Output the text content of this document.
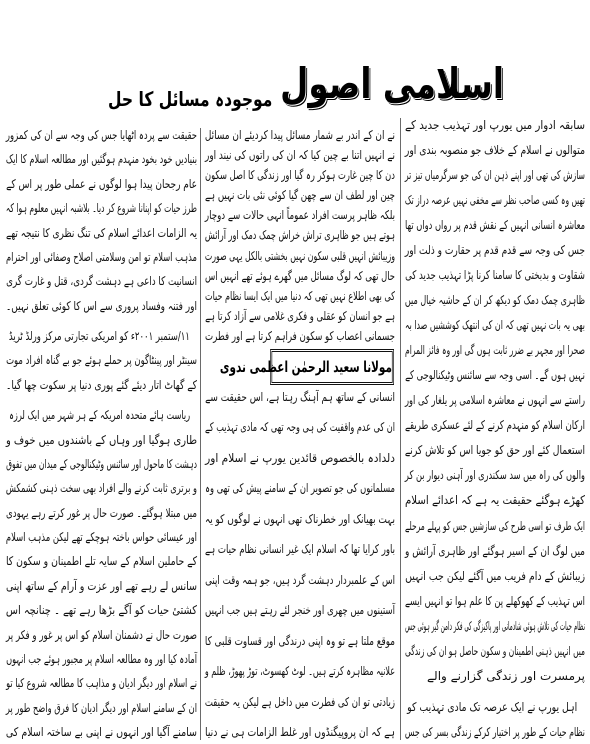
اسلامی اصول
موجودہ مسائل کا حل
سابقہ ادوار میں یورپ اور تہذیب جدید کے
متوالوں نے اسلام کے خلاف جو منصوبہ بندی اور
سازش کی تھی اور اپنے ذہن ان کی جو سرگرمیاں تیز تر
تھیں وہ کسی صاحب نظر سے مخفی نہیں عرصہ دراز تک
معاشرہ انسانی انہیں کے نقش قدم پر رواں دواں تھا
جس کی وجہ سے قدم قدم پر حقارت و ذلت اور
شقاوت و بدبختی کا سامنا کرنا پڑا تہذیب جدید کی
ظاہری چمک دمک کو دیکھ کر ان کے حاشیہ خیال میں
بھی یہ بات نہیں تھی کہ ان کی انتھک کوششیں صدا بہ
صحرا اور مجہر بے ضرر ثابت ہوں گی اور وہ فائز المرام
نہیں ہوں گے۔ اسی وجہ سے سائنس وٹیکنالوجی کے
راستے سے انہوں نے معاشرہ اسلامی پر یلغار کی اور
ارکان اسلام کو منہدم کرنے کے لئے عسکری طریقے
استعمال کئے اور حق کو جویا اس کو تلاش کرنے
والوں کی راہ میں سد سکندری اور آہنی دیوار بن کر
کھڑے ہوگئے حقیقت یہ ہے کہ اعدائے اسلام
ایک طرف تو اسی طرح کی سازشیں جس کو پہلے مرحلے
میں لوگ ان کے اسیر ہوگئے اور ظاہری آرائش و
زیبائش کے دام فریب میں آگئے لیکن جب انہیں
اس تہذیب کے کھوکھلے پن کا علم ہوا تو انہیں ایسے
نظام حیات کی تلاش ہوئی شادمانی اور پاکیزگی کی فکر دامن گیر ہوئی جس
میں انہیں ذہنی اطمینان و سکون حاصل ہو ان کی زندگی
پرمسرت اور زندگی گزارنے والے
اہل یورپ نے ایک عرصہ تک مادی تہذیب کو
نظام حیات کے طور پر اختیار کرکے زندگی بسر کی جس
نے ان کے اندر بے شمار مسائل پیدا کردیئے ان مسائل
نے انہیں اتنا بے چین کیا کہ ان کی راتوں کی نیند اور
دن کا چین غارت ہوکر رہ گیا اور زندگی کا اصل سکون
چین اور لطف ان سے چھن گیا کوئی نئی بات نہیں ہے
بلکہ ظاہر پرست افراد عموماً انہی حالات سے دوچار
ہوتے ہیں جو ظاہری تراش خراش چمک دمک اور آرائش
وزیبائش انہیں قلبی سکون نہیں بخشتی بالکل یہی صورت
حال تھی کہ لوگ مسائل میں گھرے ہوئے تھے انہیں اس
کی بھی اطلاع نہیں تھی کہ دنیا میں ایک ایسا نظام حیات
ہے جو انسان کو عقلی و فکری غلامی سے آزاد کرتا ہے
جسمانی اعصاب کو سکون فراہم کرتا ہے اور فطرت
مولانا سعید الرحمٰن اعظمی ندوی
انسانی کے ساتھ ہم آہنگ رہتا ہے، اس حقیقت سے
ان کی عدم واقفیت کی ہی وجہ تھی کہ مادی تہذیب کے
دلدادہ بالخصوص قائدین یورپ نے اسلام اور
مسلمانوں کی جو تصویر ان کے سامنے پیش کی تھی وہ
بہت بھیانک اور خطرناک تھی انہوں نے لوگوں کو یہ
باور کرایا تھا کہ اسلام ایک غیر انسانی نظام حیات ہے
اس کے علمبردار دہشت گرد ہیں، جو ہمہ وقت اپنی
آستینوں میں چھری اور خنجر لئے رہتے ہیں جب انہیں
موقع ملتا ہے تو وہ اپنی درندگی اور قساوت قلبی کا
علانیہ مظاہرہ کرتے ہیں۔ لوٹ کھسوٹ، توڑ پھوڑ، ظلم و
زیادتی تو ان کی فطرت میں داخل ہے لیکن یہ حقیقت
ہے کہ ان پروپیگنڈوں اور غلط الزامات ہی نے دنیا
حقیقت سے پردہ اٹھایا جس کی وجہ سے ان کی کمزور
بنیادیں خود بخود منہدم ہوگئیں اور مطالعہ اسلام کا ایک
عام رجحان پیدا ہوا لوگوں نے عملی طور پر اس کے
طرز حیات کو اپنانا شروع کر دیا۔ بلاشبہ انہیں معلوم ہوا کہ
یہ الزامات اعدائے اسلام کی تنگ نظری کا نتیجہ تھے
مذہب اسلام تو امن وسلامتی اصلاح وصفائی اور احترام
انسانیت کا داعی ہے دہشت گردی، قتل و غارت گری
اور فتنہ وفساد پروری سے اس کا کوئی تعلق نہیں۔
۱۱/ستمبر ۲۰۰۱ء کو امریکی تجارتی مرکز ورلڈ ٹریڈ
سینٹر اور پینٹاگون پر حملے ہوئے جو بے گناہ افراد موت
کے گھاٹ اتار دیئے گئے پوری دنیا پر سکوت چھا گیا۔
ریاست ہائے متحدہ امریکہ کے ہر شہر میں ایک لرزہ
طاری ہوگیا اور وہاں کے باشندوں میں خوف و
دہشت کا ماحول اور سائنس وٹیکنالوجی کے میدان میں تفوق
و برتری ثابت کرنے والے افراد بھی سخت ذہنی کشمکش
میں مبتلا ہوگئے۔ صورت حال پر غور کرتے رہے یہودی
اور عیسائی حواس باختہ ہوچکے تھے لیکن مذہب اسلام
کے حاملین اسلام کے سایہ تلے اطمینان و سکون کا
سانس لے رہے تھے اور عزت و آرام کے ساتھ اپنی
کشتیٔ حیات کو آگے بڑھا رہے تھے ۔ چنانچہ اس
صورت حال نے دشمنان اسلام کو اس پر غور و فکر پر
آمادہ کیا اور وہ مطالعہ اسلام پر مجبور ہوئے جب انہوں
نے اسلام اور دیگر ادیان و مذاہب کا مطالعہ شروع کیا تو
ان کے سامنے اسلام اور دیگر ادیان کا فرق واضح طور پر
سامنے آگیا اور انہوں نے اپنی بے ساختہ اسلام کی
